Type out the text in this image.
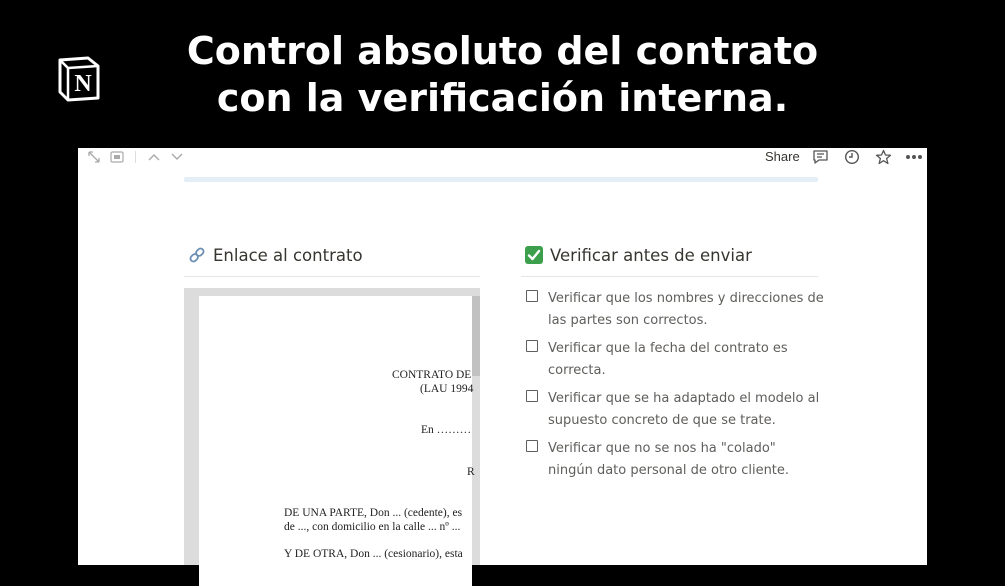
N
Control absoluto del contrato
con la verificación interna.
Share
Enlace al contrato
CONTRATO DE
(LAU 1994
En ………
R
DE UNA PARTE, Don ... (cedente), es
de ..., con domicilio en la calle ... nº ...
Y DE OTRA, Don ... (cesionario), esta
Verificar antes de enviar
Verificar que los nombres y direcciones de
las partes son correctos.
Verificar que la fecha del contrato es
correcta.
Verificar que se ha adaptado el modelo al
supuesto concreto de que se trate.
Verificar que no se nos ha "colado"
ningún dato personal de otro cliente.
